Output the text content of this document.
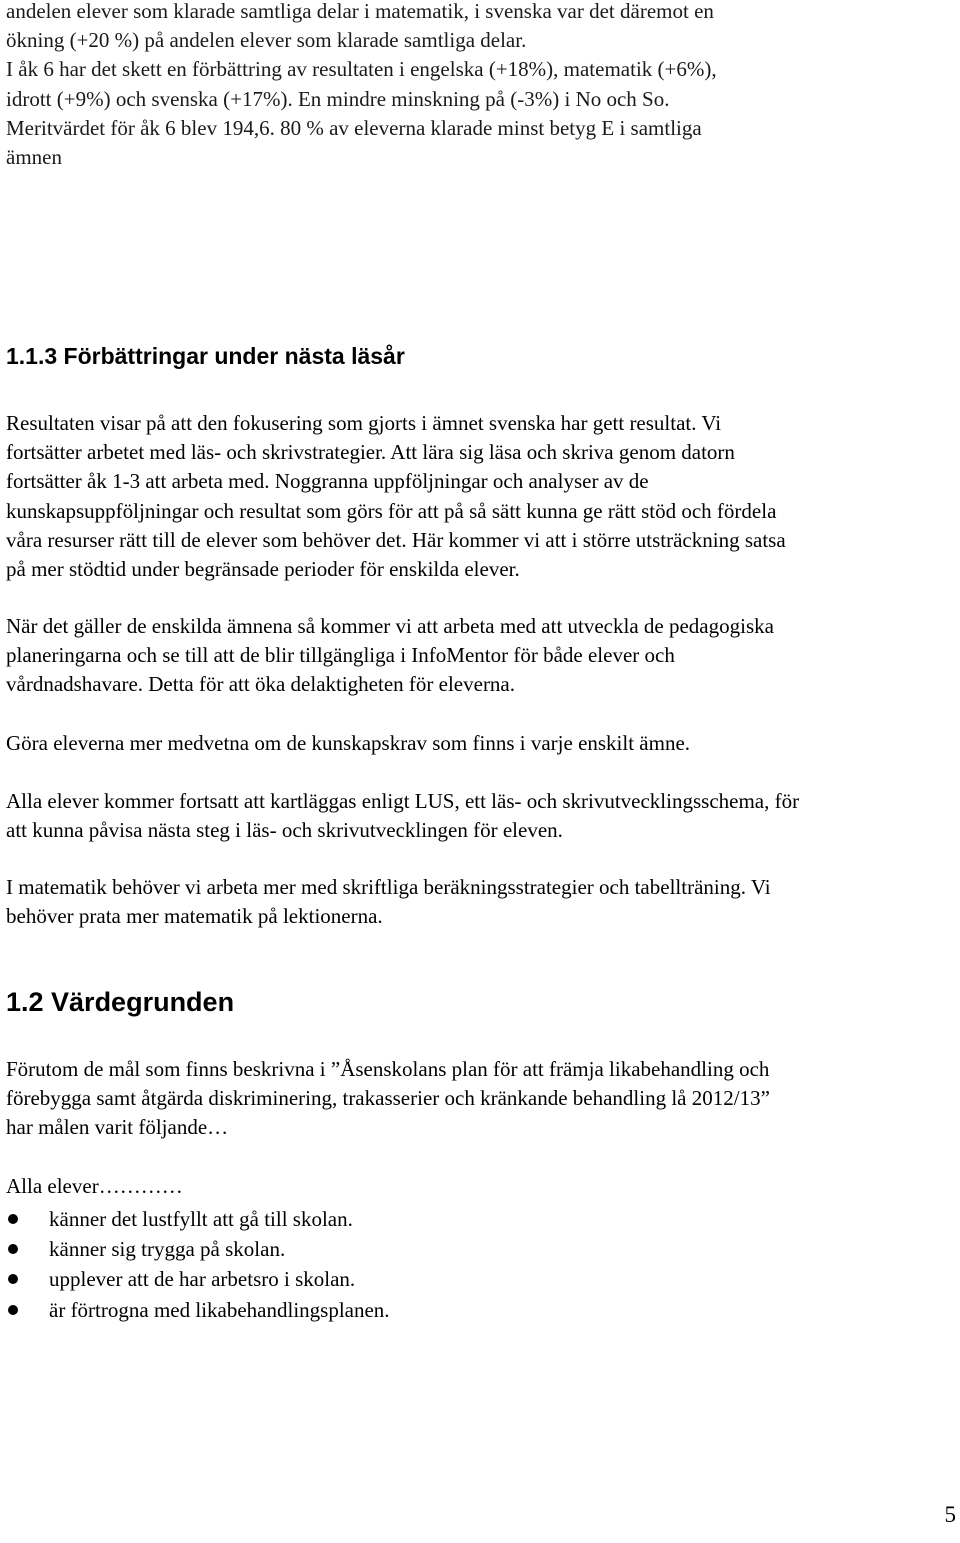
andelen elever som klarade samtliga delar i matematik, i svenska var det däremot en
ökning (+20 %) på andelen elever som klarade samtliga delar.
I åk 6 har det skett en förbättring av resultaten i engelska (+18%), matematik (+6%),
idrott (+9%) och svenska (+17%). En mindre minskning på (-3%) i No och So.
Meritvärdet för åk 6 blev 194,6. 80 % av eleverna klarade minst betyg E i samtliga
ämnen
1.1.3 Förbättringar under nästa läsår
Resultaten visar på att den fokusering som gjorts i ämnet svenska har gett resultat. Vi
fortsätter arbetet med läs- och skrivstrategier. Att lära sig läsa och skriva genom datorn
fortsätter åk 1-3 att arbeta med. Noggranna uppföljningar och analyser av de
kunskapsuppföljningar och resultat som görs för att på så sätt kunna ge rätt stöd och fördela
våra resurser rätt till de elever som behöver det. Här kommer vi att i större utsträckning satsa
på mer stödtid under begränsade perioder för enskilda elever.
När det gäller de enskilda ämnena så kommer vi att arbeta med att utveckla de pedagogiska
planeringarna och se till att de blir tillgängliga i InfoMentor för både elever och
vårdnadshavare. Detta för att öka delaktigheten för eleverna.
Göra eleverna mer medvetna om de kunskapskrav som finns i varje enskilt ämne.
Alla elever kommer fortsatt att kartläggas enligt LUS, ett läs- och skrivutvecklingsschema, för
att kunna påvisa nästa steg i läs- och skrivutvecklingen för eleven.
I matematik behöver vi arbeta mer med skriftliga beräkningsstrategier och tabellträning. Vi
behöver prata mer matematik på lektionerna.
1.2 Värdegrunden
Förutom de mål som finns beskrivna i ”Åsenskolans plan för att främja likabehandling och
förebygga samt åtgärda diskriminering, trakasserier och kränkande behandling lå 2012/13”
har målen varit följande…
Alla elever…………
känner det lustfyllt att gå till skolan.
känner sig trygga på skolan.
upplever att de har arbetsro i skolan.
är förtrogna med likabehandlingsplanen.
5
